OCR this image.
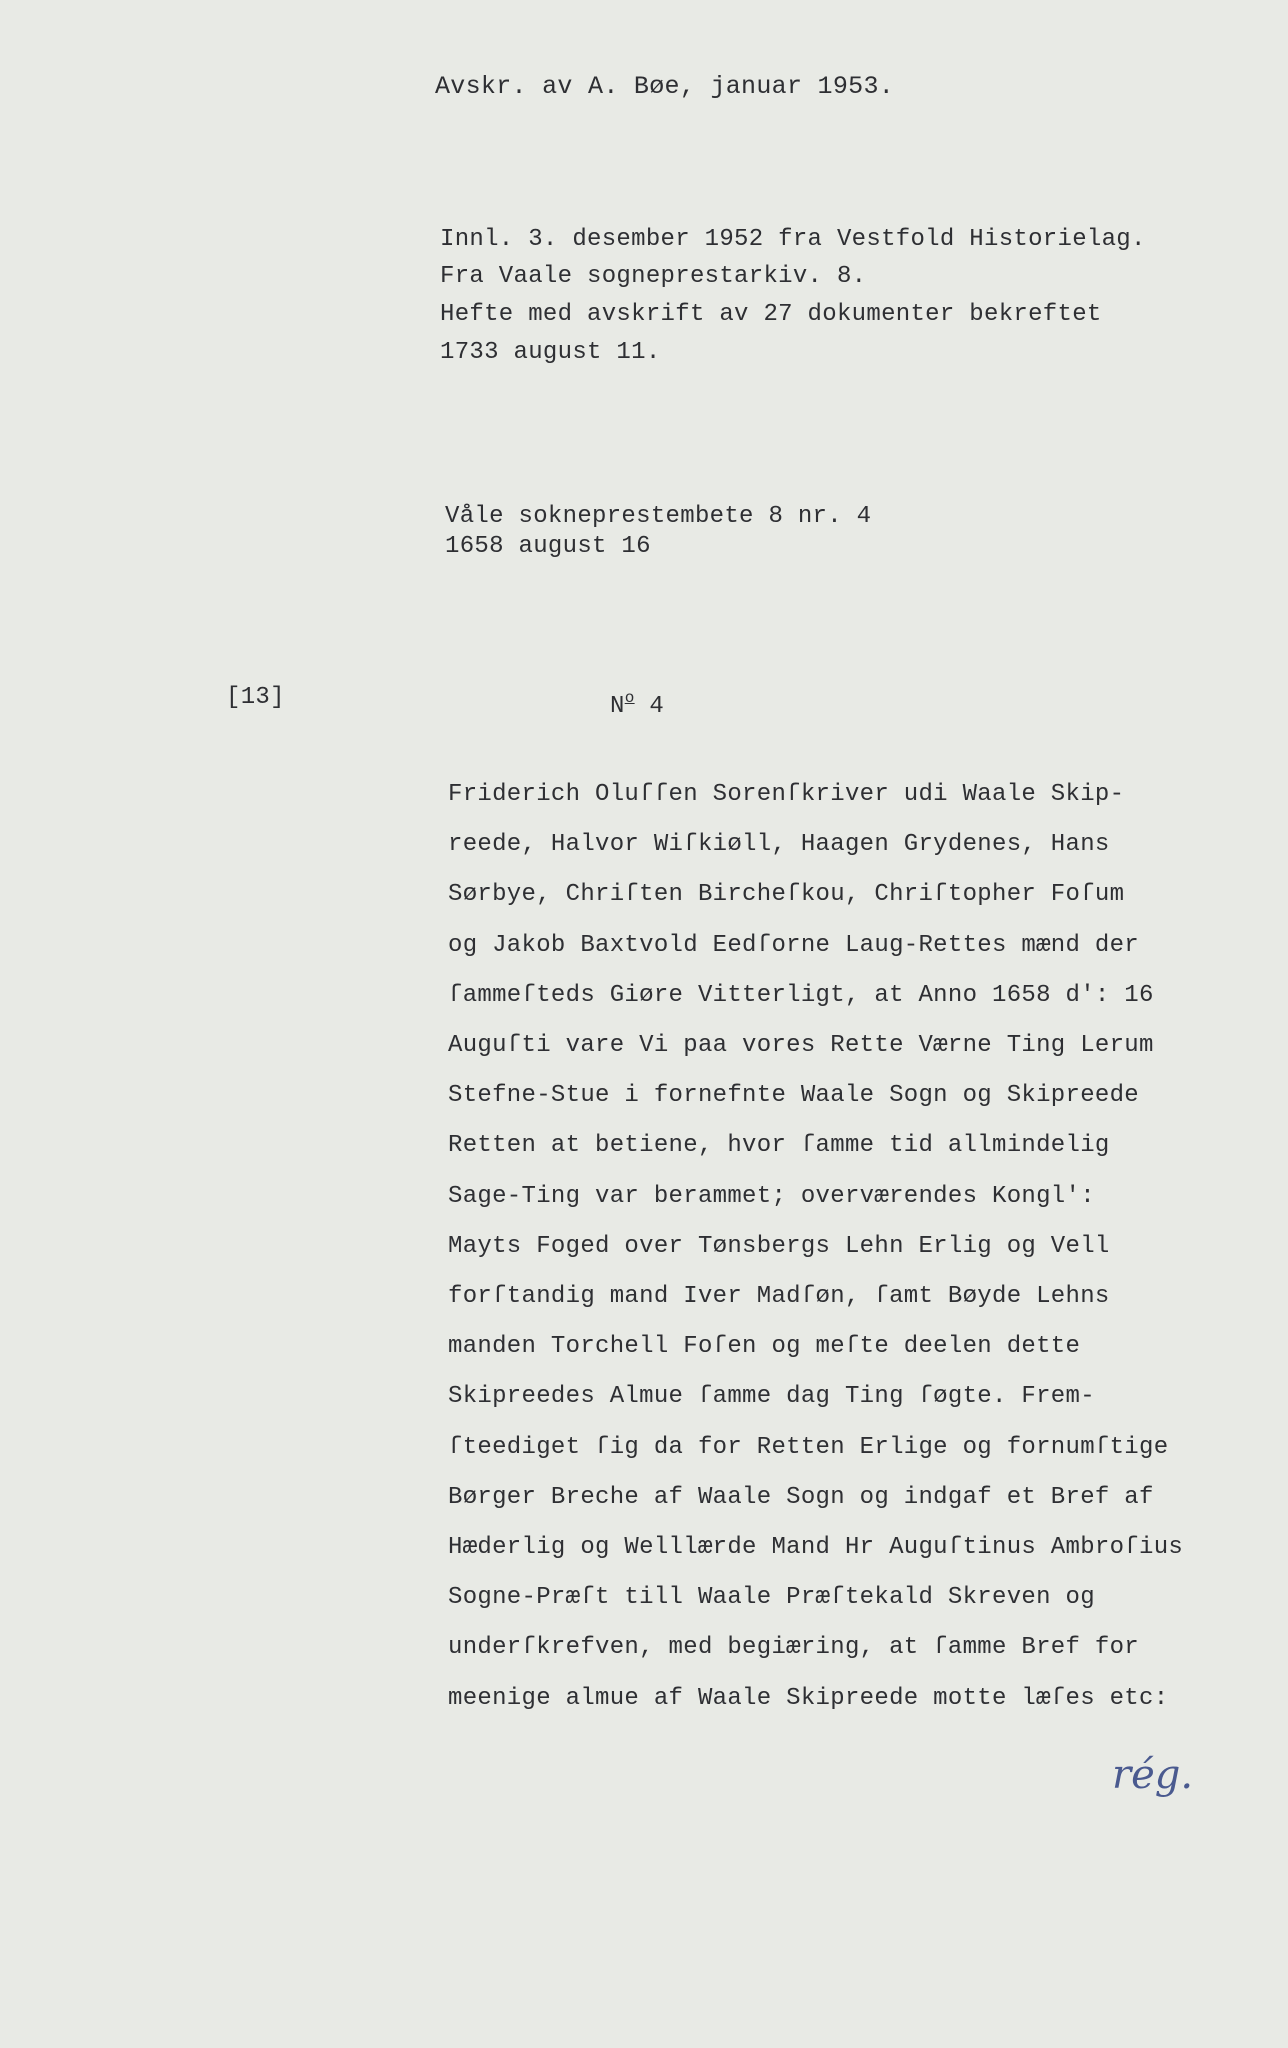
Avskr. av A. Bøe, januar 1953.
Innl. 3. desember 1952 fra Vestfold Historielag.
Fra Vaale sogneprestarkiv. 8.
Hefte med avskrift av 27 dokumenter bekreftet
1733 august 11.
Våle sokneprestembete 8 nr. 4
1658 august 16
[13]	$N^o$ 4
Friderich Oluſſen Sorenſkriver udi Waale Skip-
reede, Halvor Wiſkiøll, Haagen Grydenes, Hans
Sørbye, Chriſten Bircheſkou, Chriſtopher Foſum
og Jakob Baxtvold Eedſorne Laug-Rettes mænd der
ſammeſteds Giøre Vitterligt, at Anno 1658 d': 16
Auguſti vare Vi paa vores Rette Værne Ting Lerum
Stefne-Stue i fornefnte Waale Sogn og Skipreede
Retten at betiene, hvor ſamme tid allmindelig
Sage-Ting var berammet; overværendes Kongl':
Mayts Foged over Tønsbergs Lehn Erlig og Vell
forſtandig mand Iver Madſøn, ſamt Bøyde Lehns
manden Torchell Foſen og meſte deelen dette
Skipreedes Almue ſamme dag Ting ſøgte. Frem-
ſteediget ſig da for Retten Erlige og fornumſtige
Børger Breche af Waale Sogn og indgaf et Bref af
Hæderlig og Welllærde Mand Hr Auguſtinus Ambroſius
Sogne-Præſt till Waale Præſtekald Skreven og
underſkrefven, med begiæring, at ſamme Bref for
meenige almue af Waale Skipreede motte læſes etc:
rég.
